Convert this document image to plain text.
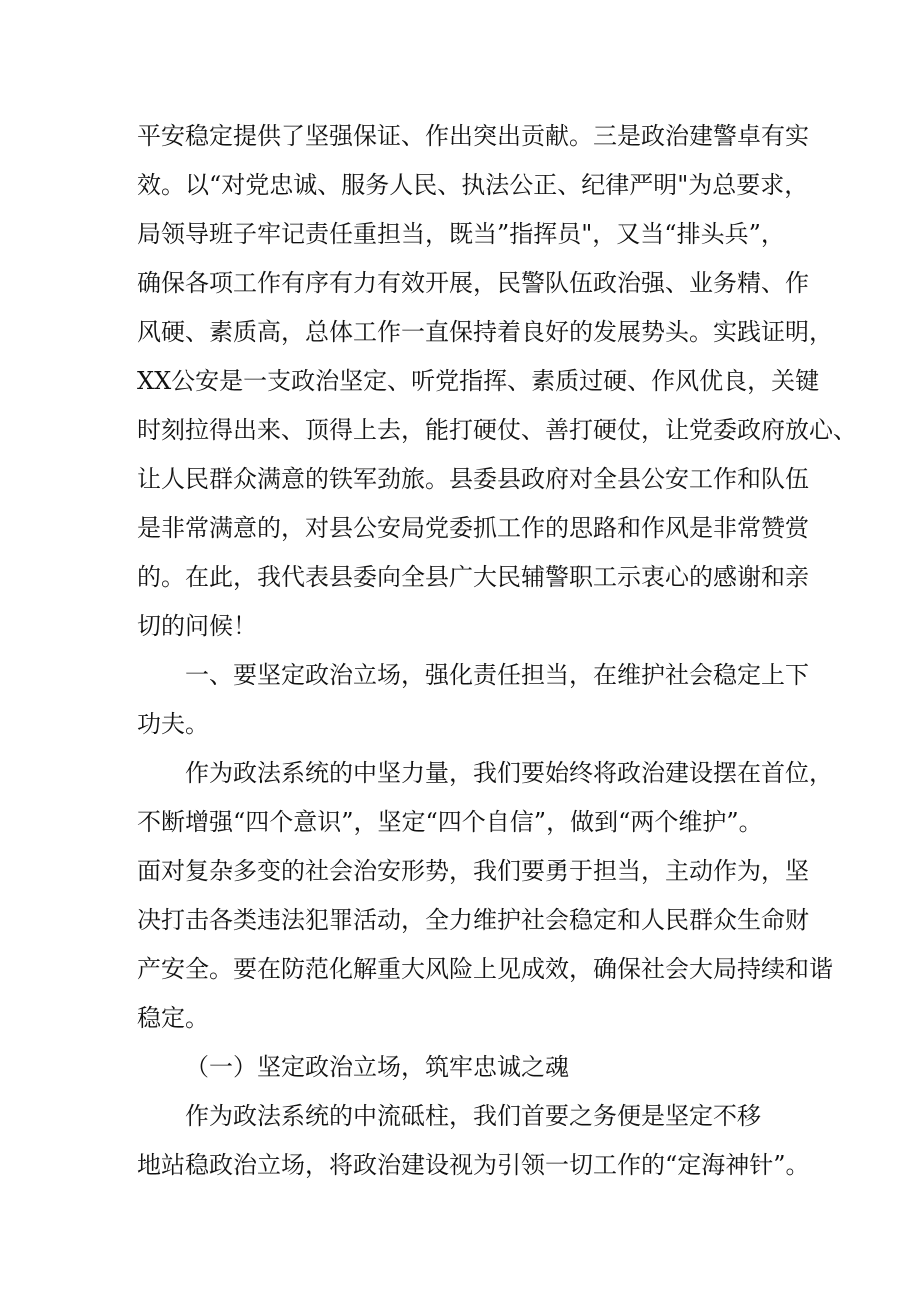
平安稳定提供了坚强保证、作出突出贡献。三是政治建警卓有实
效。以“对党忠诚、服务人民、执法公正、纪律严明"为总要求，
局领导班子牢记责任重担当，既当”指挥员"，又当“排头兵”，
确保各项工作有序有力有效开展，民警队伍政治强、业务精、作
风硬、素质高，总体工作一直保持着良好的发展势头。实践证明，
XX公安是一支政治坚定、听党指挥、素质过硬、作风优良，关键
时刻拉得出来、顶得上去，能打硬仗、善打硬仗，让党委政府放心、
让人民群众满意的铁军劲旅。县委县政府对全县公安工作和队伍
是非常满意的，对县公安局党委抓工作的思路和作风是非常赞赏
的。在此，我代表县委向全县广大民辅警职工示衷心的感谢和亲
切的问候！
一、要坚定政治立场，强化责任担当，在维护社会稳定上下
功夫。
作为政法系统的中坚力量，我们要始终将政治建设摆在首位，
不断增强“四个意识”，坚定“四个自信”，做到“两个维护”。
面对复杂多变的社会治安形势，我们要勇于担当，主动作为，坚
决打击各类违法犯罪活动，全力维护社会稳定和人民群众生命财
产安全。要在防范化解重大风险上见成效，确保社会大局持续和谐
稳定。
（一）坚定政治立场，筑牢忠诚之魂
作为政法系统的中流砥柱，我们首要之务便是坚定不移
地站稳政治立场，将政治建设视为引领一切工作的“定海神针”。
